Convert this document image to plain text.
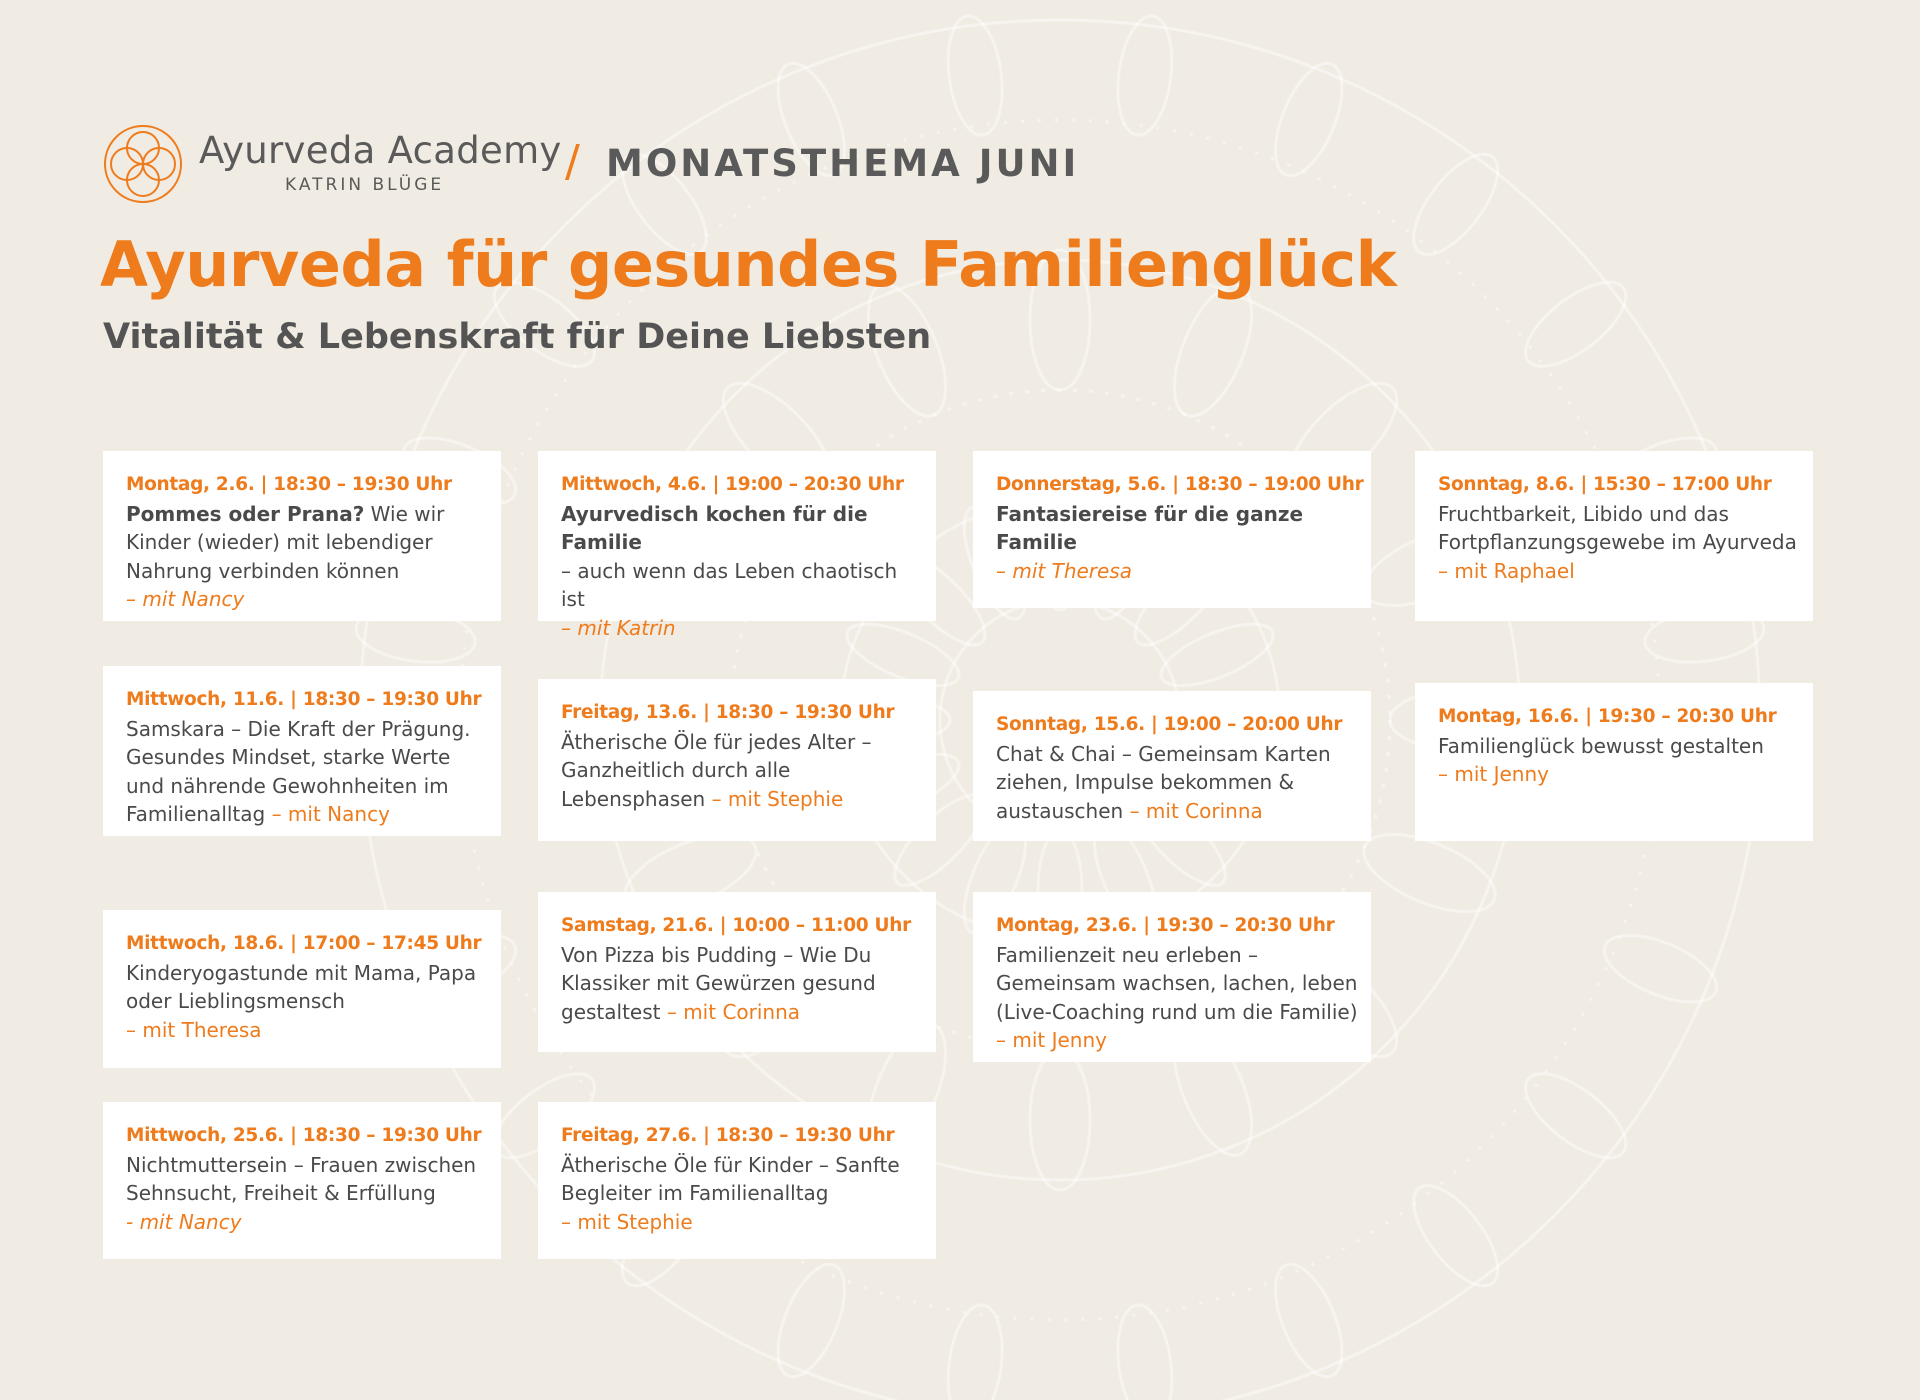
Ayurveda Academy
KATRIN BLÜGE	/ MONATSTHEMA JUNI
Ayurveda für gesundes Familienglück
Vitalität & Lebenskraft für Deine Liebsten
Montag, 2.6. | 18:30 – 19:30 Uhr
Pommes oder Prana? Wie wir Kinder (wieder) mit lebendiger Nahrung verbinden können
– mit Nancy
Mittwoch, 4.6. | 19:00 – 20:30 Uhr
Ayurvedisch kochen für die Familie
– auch wenn das Leben chaotisch ist
– mit Katrin
Donnerstag, 5.6. | 18:30 – 19:00 Uhr
Fantasiereise für die ganze Familie
– mit Theresa
Sonntag, 8.6. | 15:30 – 17:00 Uhr
Fruchtbarkeit, Libido und das Fortpflanzungsgewebe im Ayurveda – mit Raphael
Mittwoch, 11.6. | 18:30 – 19:30 Uhr
Samskara – Die Kraft der Prägung. Gesundes Mindset, starke Werte und nährende Gewohnheiten im Familienalltag – mit Nancy
Freitag, 13.6. | 18:30 – 19:30 Uhr
Ätherische Öle für jedes Alter – Ganzheitlich durch alle Lebensphasen – mit Stephie
Sonntag, 15.6. | 19:00 – 20:00 Uhr
Chat & Chai – Gemeinsam Karten ziehen, Impulse bekommen & austauschen – mit Corinna
Montag, 16.6. | 19:30 – 20:30 Uhr
Familienglück bewusst gestalten
– mit Jenny
Mittwoch, 18.6. | 17:00 – 17:45 Uhr
Kinderyogastunde mit Mama, Papa oder Lieblingsmensch
– mit Theresa
Samstag, 21.6. | 10:00 – 11:00 Uhr
Von Pizza bis Pudding – Wie Du Klassiker mit Gewürzen gesund gestaltest – mit Corinna
Montag, 23.6. | 19:30 – 20:30 Uhr
Familienzeit neu erleben – Gemeinsam wachsen, lachen, leben (Live-Coaching rund um die Familie) – mit Jenny
Mittwoch, 25.6. | 18:30 – 19:30 Uhr
Nichtmuttersein – Frauen zwischen Sehnsucht, Freiheit & Erfüllung
- mit Nancy
Freitag, 27.6. | 18:30 – 19:30 Uhr
Ätherische Öle für Kinder – Sanfte Begleiter im Familienalltag
– mit Stephie
